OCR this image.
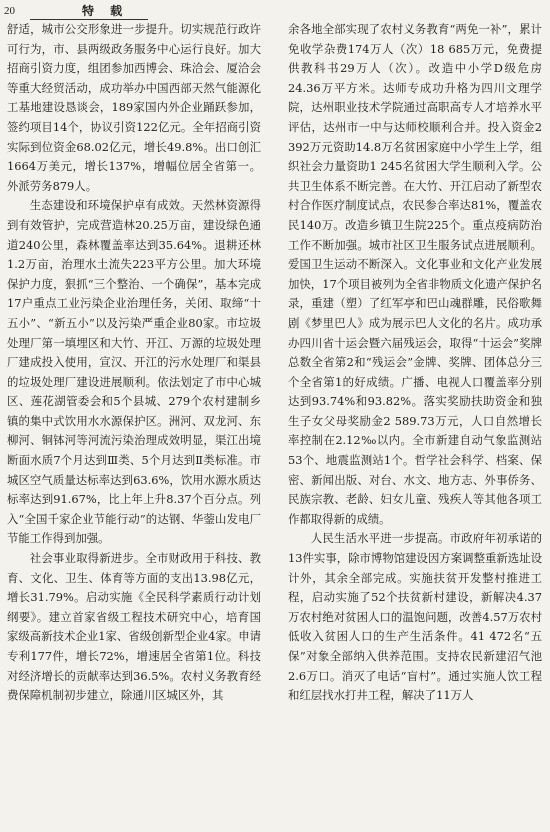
20	特 载

舒适，城市公交形象进一步提升。切实规范行政许可行为，市、县两级政务服务中心运行良好。加大招商引资力度，组团参加西博会、珠洽会、厦洽会等重大经贸活动，成功举办中国西部天然气能源化工基地建设恳谈会，189家国内外企业踊跃参加，签约项目14个，协议引资122亿元。全年招商引资实际到位资金68.02亿元，增长49.8%。出口创汇1664万美元，增长137%，增幅位居全省第一。外派劳务879人。

生态建设和环境保护卓有成效。天然林资源得到有效管护，完成营造林20.25万亩，建设绿色通道240公里，森林覆盖率达到35.64%。退耕还林1.2万亩，治理水土流失223平方公里。加大环境保护力度，狠抓“三个整治、一个确保”，基本完成17户重点工业污染企业治理任务，关闭、取缔“十五小”、“新五小”以及污染严重企业80家。市垃圾处理厂第一填埋区和大竹、开江、万源的垃圾处理厂建成投入使用，宣汉、开江的污水处理厂和渠县的垃圾处理厂建设进展顺利。依法划定了市中心城区、莲花湖管委会和5个县城、279个农村建制乡镇的集中式饮用水水源保护区。洲河、双龙河、东柳河、铜钵河等河流污染治理成效明显，渠江出境断面水质7个月达到Ⅲ类、5个月达到Ⅱ类标准。市城区空气质量达标率达到63.6%，饮用水源水质达标率达到91.67%，比上年上升8.37个百分点。列入“全国千家企业节能行动”的达钢、华蓥山发电厂节能工作得到加强。

社会事业取得新进步。全市财政用于科技、教育、文化、卫生、体育等方面的支出13.98亿元，增长31.79%。启动实施《全民科学素质行动计划纲要》。建立首家省级工程技术研究中心，培育国家级高新技术企业1家、省级创新型企业4家。申请专利177件，增长72%，增速居全省第1位。科技对经济增长的贡献率达到36.5%。农村义务教育经费保障机制初步建立，除通川区城区外，其

余各地全部实现了农村义务教育“两免一补”，累计免收学杂费174万人（次）18 685万元，免费提供教科书29万人（次）。改造中小学D级危房24.36万平方米。达师专成功升格为四川文理学院，达州职业技术学院通过高职高专人才培养水平评估，达州市一中与达师校顺利合并。投入资金2 392万元资助14.8万名贫困家庭中小学生上学，组织社会力量资助1 245名贫困大学生顺利入学。公共卫生体系不断完善。在大竹、开江启动了新型农村合作医疗制度试点，农民参合率达81%，覆盖农民140万。改造乡镇卫生院225个。重点疫病防治工作不断加强。城市社区卫生服务试点进展顺利。爱国卫生运动不断深入。文化事业和文化产业发展加快，17个项目被列为全省非物质文化遗产保护名录，重建（塑）了红军亭和巴山魂群雕，民俗歌舞剧《梦里巴人》成为展示巴人文化的名片。成功承办四川省十运会暨六届残运会，取得“十运会”奖牌总数全省第2和“残运会”金牌、奖牌、团体总分三个全省第1的好成绩。广播、电视人口覆盖率分别达到93.74%和93.82%。落实奖励扶助资金和独生子女父母奖励金2 589.73万元，人口自然增长率控制在2.12‰以内。全市新建自动气象监测站53个、地震监测站1个。哲学社会科学、档案、保密、新闻出版、对台、水文、地方志、外事侨务、民族宗教、老龄、妇女儿童、残疾人等其他各项工作都取得新的成绩。

人民生活水平进一步提高。市政府年初承诺的13件实事，除市博物馆建设因方案调整重新选址设计外，其余全部完成。实施扶贫开发整村推进工程，启动实施了52个扶贫新村建设，新解决4.37万农村绝对贫困人口的温饱问题，改善4.57万农村低收入贫困人口的生产生活条件。41 472名“五保”对象全部纳入供养范围。支持农民新建沼气池2.6万口。消灭了电话“盲村”。通过实施人饮工程和红层找水打井工程，解决了11万人
